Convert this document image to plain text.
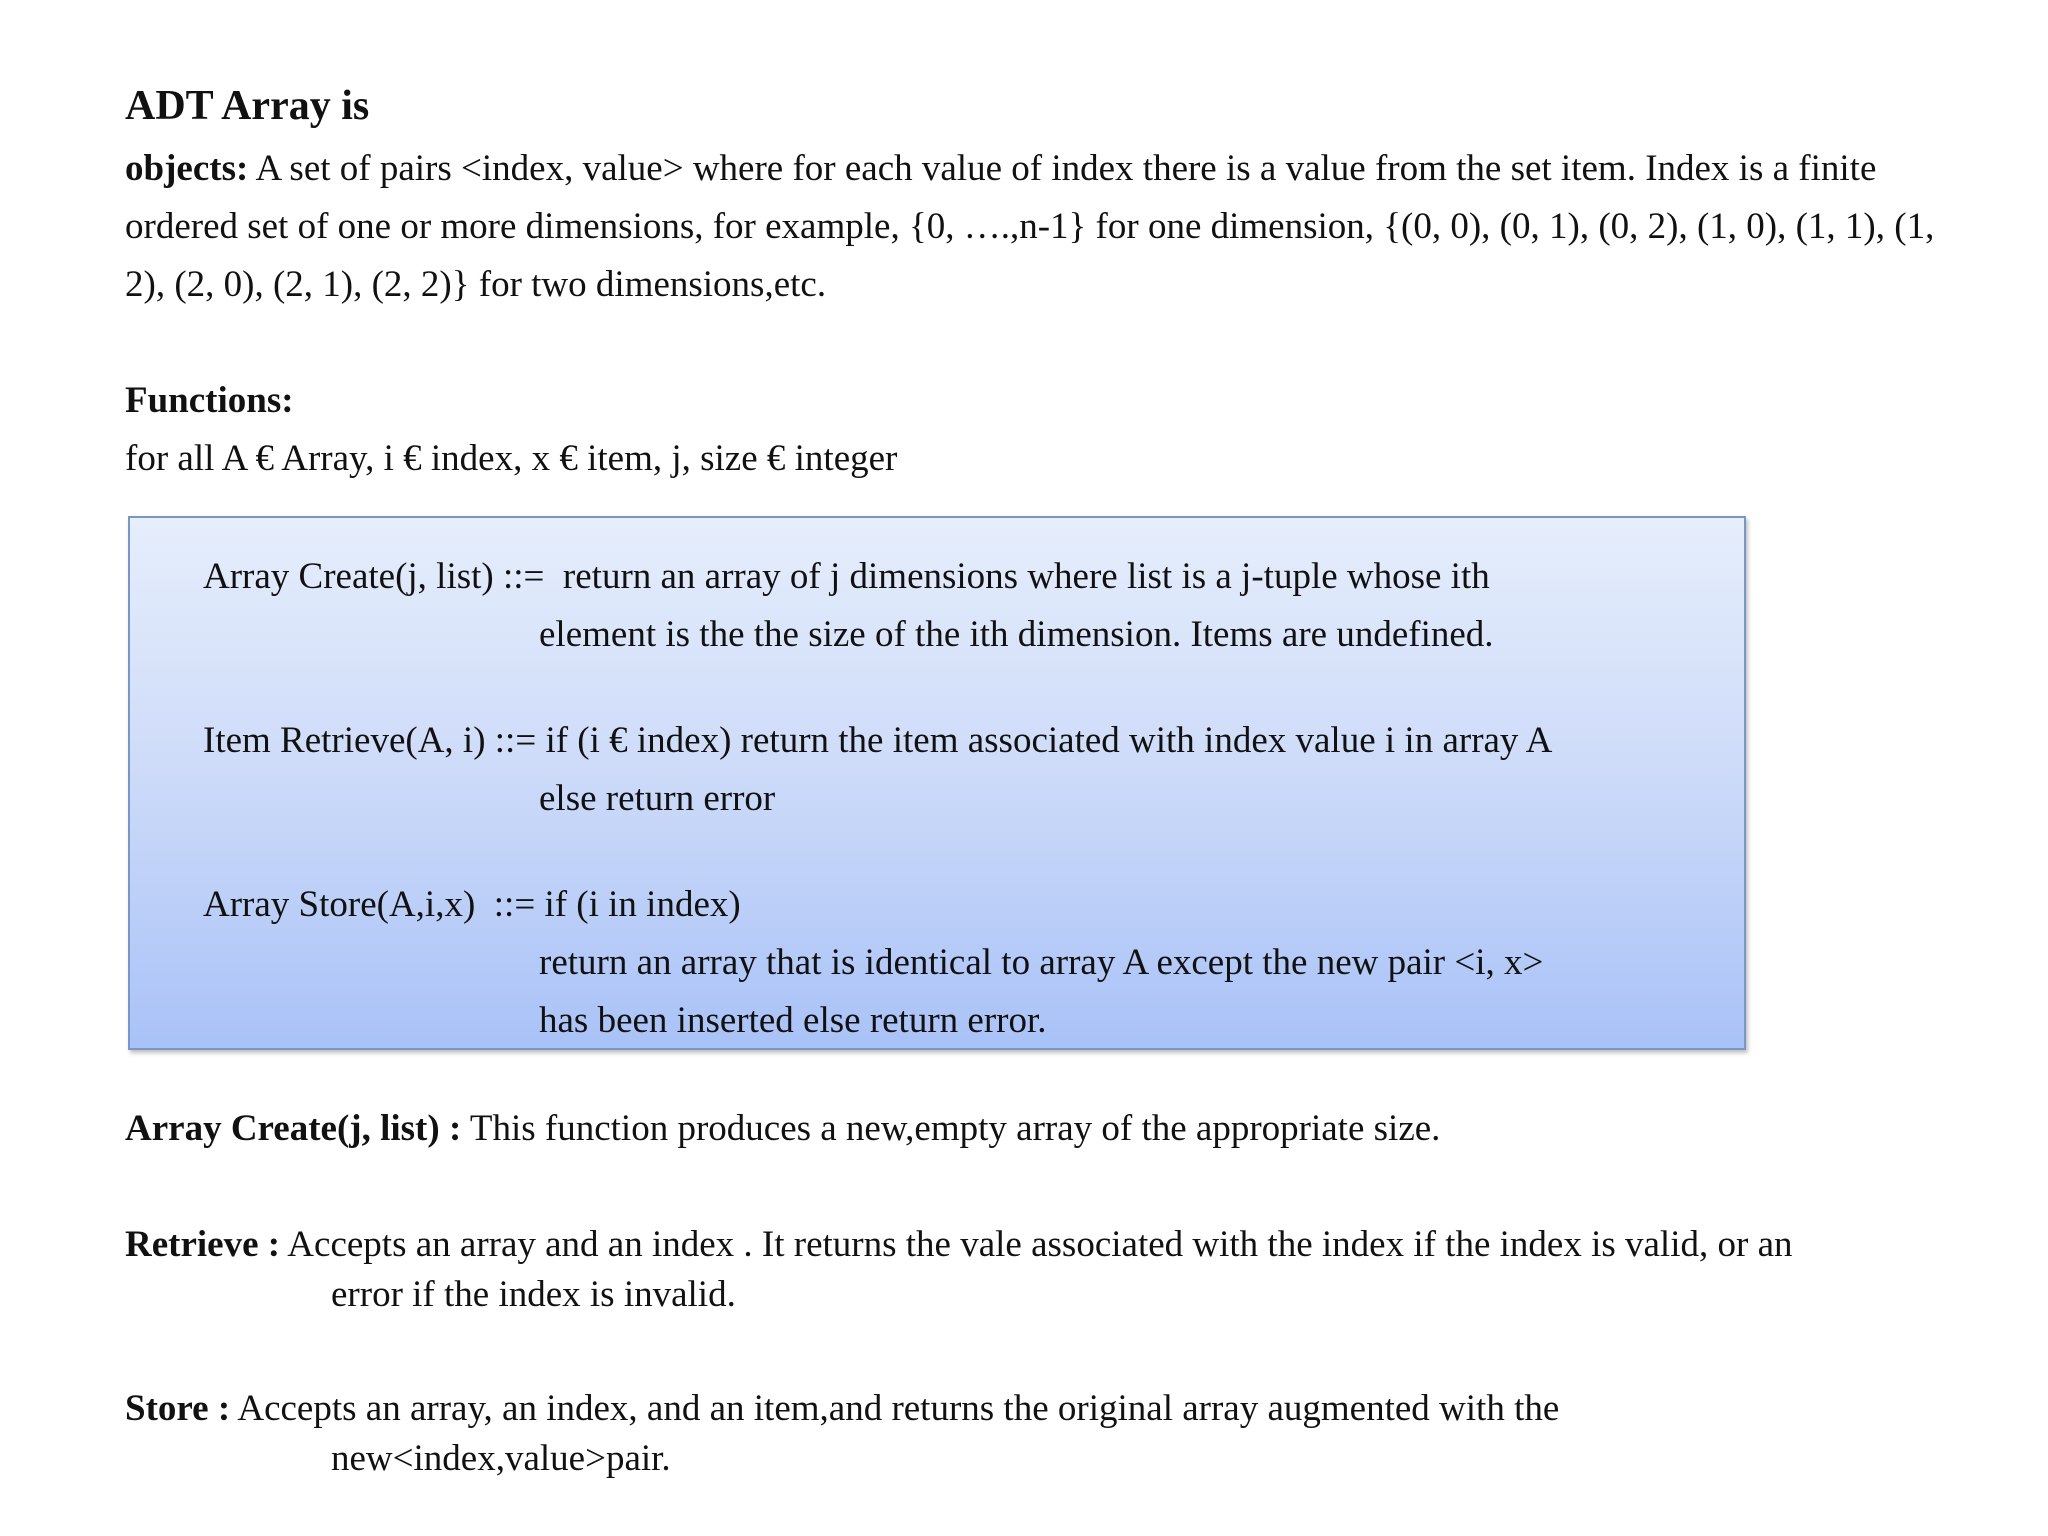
ADT Array is

objects: A set of pairs <index, value> where for each value of index there is a value from the set item. Index is a finite ordered set of one or more dimensions, for example, {0, ….,n-1} for one dimension, {(0, 0), (0, 1), (0, 2), (1, 0), (1, 1), (1, 2), (2, 0), (2, 1), (2, 2)} for two dimensions,etc.

Functions:

for all A € Array, i € index, x € item, j, size € integer

Array Create(j, list) ::=  return an array of j dimensions where list is a j-tuple whose ith
element is the the size of the ith dimension. Items are undefined.
Item Retrieve(A, i) ::= if (i € index) return the item associated with index value i in array A
else return error
Array Store(A,i,x)  ::= if (i in index)
return an array that is identical to array A except the new pair <i, x>
has been inserted else return error.
Array Create(j, list) : This function produces a new,empty array of the appropriate size.
Retrieve : Accepts an array and an index . It returns the vale associated with the index if the index is valid, or an
error if the index is invalid.
Store : Accepts an array, an index, and an item,and returns the original array augmented with the
new<index,value>pair.
